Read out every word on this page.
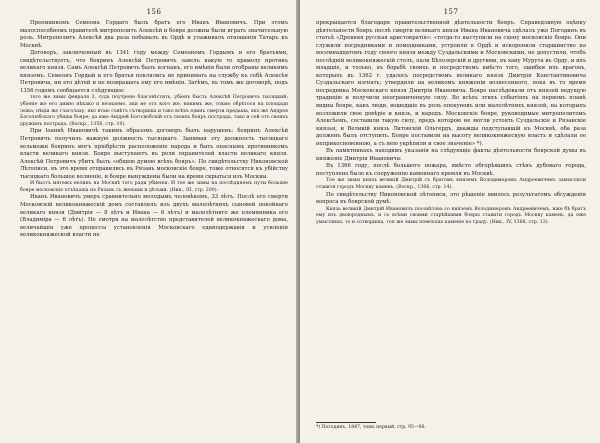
156

Преемникомъ Семеона Гордаго былъ братъ его Иванъ Ивановичъ. При этомъ малоспособномъ правителѣ митрополитъ Алексѣй и бояре должны были играть значительную роль. Митрополитъ Алексѣй два раза побывалъ въ Ордѣ и улаживалъ отношенія Татаръ къ Москвѣ.

Договоръ, заключенный въ 1341 году между Семеономъ Гордымъ и его братьями, свидѣтельствуетъ, что бояринъ Алексѣй Петровичъ завелъ какую то крамолу противъ великаго князя. Самъ Алексѣй Петровичъ былъ изгнанъ, его имѣнія были отобраны великимъ княземъ. Семеонъ Гордый и его братья поклялись не принимать на службу къ себѣ Алексѣя Петровича, ни его дѣтей и не возвращать ему его имѣнія. Затѣмъ, въ томъ же договорѣ, подъ 1356 годомъ сообщается слѣдующее:

того же зимы февраля 3, суда поутрене благовѣстить, убіенъ бысть Алексѣй Петровичъ тысяцкий; убіеніе же его дивно нѣкако и незнаемо, аки не отъ кого же, никимъ же, токмо обрѣтося на площади лежа; нѣціи же глаголаху, яко втаю съвѣтъ сътвориша и тако всѣхъ единъ смерти предаша, яко же Андрея Боголюбскаго убиша бояре; да яже Андрей Боголюбскій отъ своихъ бояръ пострада, тако и сей отъ своихъ дружинъ пострада. (Воскр., 1356, стр. 10).

При Іоаннѣ Ивановичѣ такимъ образомъ договоръ былъ нарушенъ: бояринъ Алексѣй Петровичъ получилъ важную должность тысяцкаго. Занимая эту должность тысяцкаго вельможи бояринъ могъ пріобрѣсти расположеніе народа и быть опаснымъ противникомъ власти великаго князя. Бояре выступаютъ въ роли охранителей власти великаго князя. Алексѣй Петровичъ убитъ былъ «общею думою всѣхъ бояръ». По свидѣтельству Никоновской Лѣтописи, въ это время отправились въ Рязань московскіе бояре, тоже относятся къ убійству тысяцкаго большое волненіе, и бояре вынуждены были на время скрыться изъ Москвы.

И быстъ мятежъ великъ на Москвѣ того ради убиенія. И тое же зимы на послѣдняемъ путы большіе бояре московскіе отъѣхаша на Рязань съ женами и дѣтьми. (Ник., III, стр. 209).

Иванъ Ивановичъ умеръ сравнительно молодымъ человѣкомъ, 33 лѣтъ. Послѣ его смерти Московскій великокняжескій домъ составлялъ изъ двухъ малолѣтнихъ сыновей покойнаго великаго князя (Дмитрія — 8 лѣтъ и Ивана — 6 лѣтъ) и малолѣтняго же племянника его (Владиміра — 6 лѣтъ). Не смотря на малолѣтство представителей великокняжескаго дома, величайшія уже процессы установленія Московскаго единодержавія и усиленія великокняжеской власти не

157

прекращается благодаря правительственной дѣятельности бояръ. Справедливую оцѣнку дѣятельности бояръ послѣ смерти великаго князя Ивана Ивановича сдѣлалъ уже Погодинъ въ статьѣ «Древняя русская аристократія»: «тогда-то выступили на сцену московскіе бояре. Они служили посредниками и помощниками, устроили в Ордѣ и искоренили старшинство на восемнадцатомъ году своего князя между Суздальскими и Московскими, не допустили, чтобъ послѣдній великокняжескій столъ, пали Бѣлозерскій и другими, въ хану Мурута въ Орду, и ихъ младшіе, и только, въ борьбѣ своихъ и посредствомъ вмѣсто того, ошибки ихъ враговъ, которыхъ въ 1362 г. удалось посредствомъ великаго князя Дмитрія Константиновича Суздальскаго изгнать; утвердили на великомъ княженіи вознесенного, пока въ то время посредника Московскаго князя Дмитрія Ивановича. Бояре наслѣдовали отъ князей ведущую традицію и получили неограниченную силу. Во всѣхъ этихъ событіяхъ на первомъ планѣ видны бояре, какъ люди, вошедшіе въ роль опекуновъ или малолѣтнихъ князей, на которыхъ возложили свое довѣріе и князь, и народъ. Московскіе бояре, руководимые митрополитомъ Алексѣемъ, составили такую силу, предъ которою не могли устоять Суздальскіе и Рязанскіе князья, и Великій князь Литовскій Ольгердъ, дважды подступавшій къ Москвѣ, оба раза долженъ былъ отступить. Бояре поставили на высоту великокняжескую власть и сдѣлали ее неприкосновенною, а съ нею укрѣпили и свое значеніе» *).

Въ памятникахъ находимъ указанія на слѣдующіе факты дѣятельности боярской думы въ княженіе Дмитрія Ивановича:

Въ 1366 году, послѣ большого пожара, вмѣсто обгорѣвшихъ стѣнъ дубоваго города, поступлено было къ сооруженію каменнаго кремля въ Москвѣ.

Тое же зимы князь великій Дмитрій съ братомъ княземъ Володимеромъ Андреевичемъ замыслили ставити городъ Москву камень. (Воскр., 1366, стр. 14).

По свидѣтельству Никоновской лѣтописи, это рѣшеніе явилось результатомъ обсужденія вопроса въ боярской думѣ.

Князь великій Дмитрій Ивановичъ посовѣтова со княземъ Володимеромъ Андреевичемъ, иже бѣ братъ ему изъ двоюроднымъ, и со всѣми своими старѣйшими бояры ставити городъ Москву камень, да еже умыслиша, то и сотвориша, тоя же зимы повезоша каменіе ко граду. (Ник., IV, 1366, стр. 13).

*) Погодинъ, 1847, томъ первый, стр. 95—96.
